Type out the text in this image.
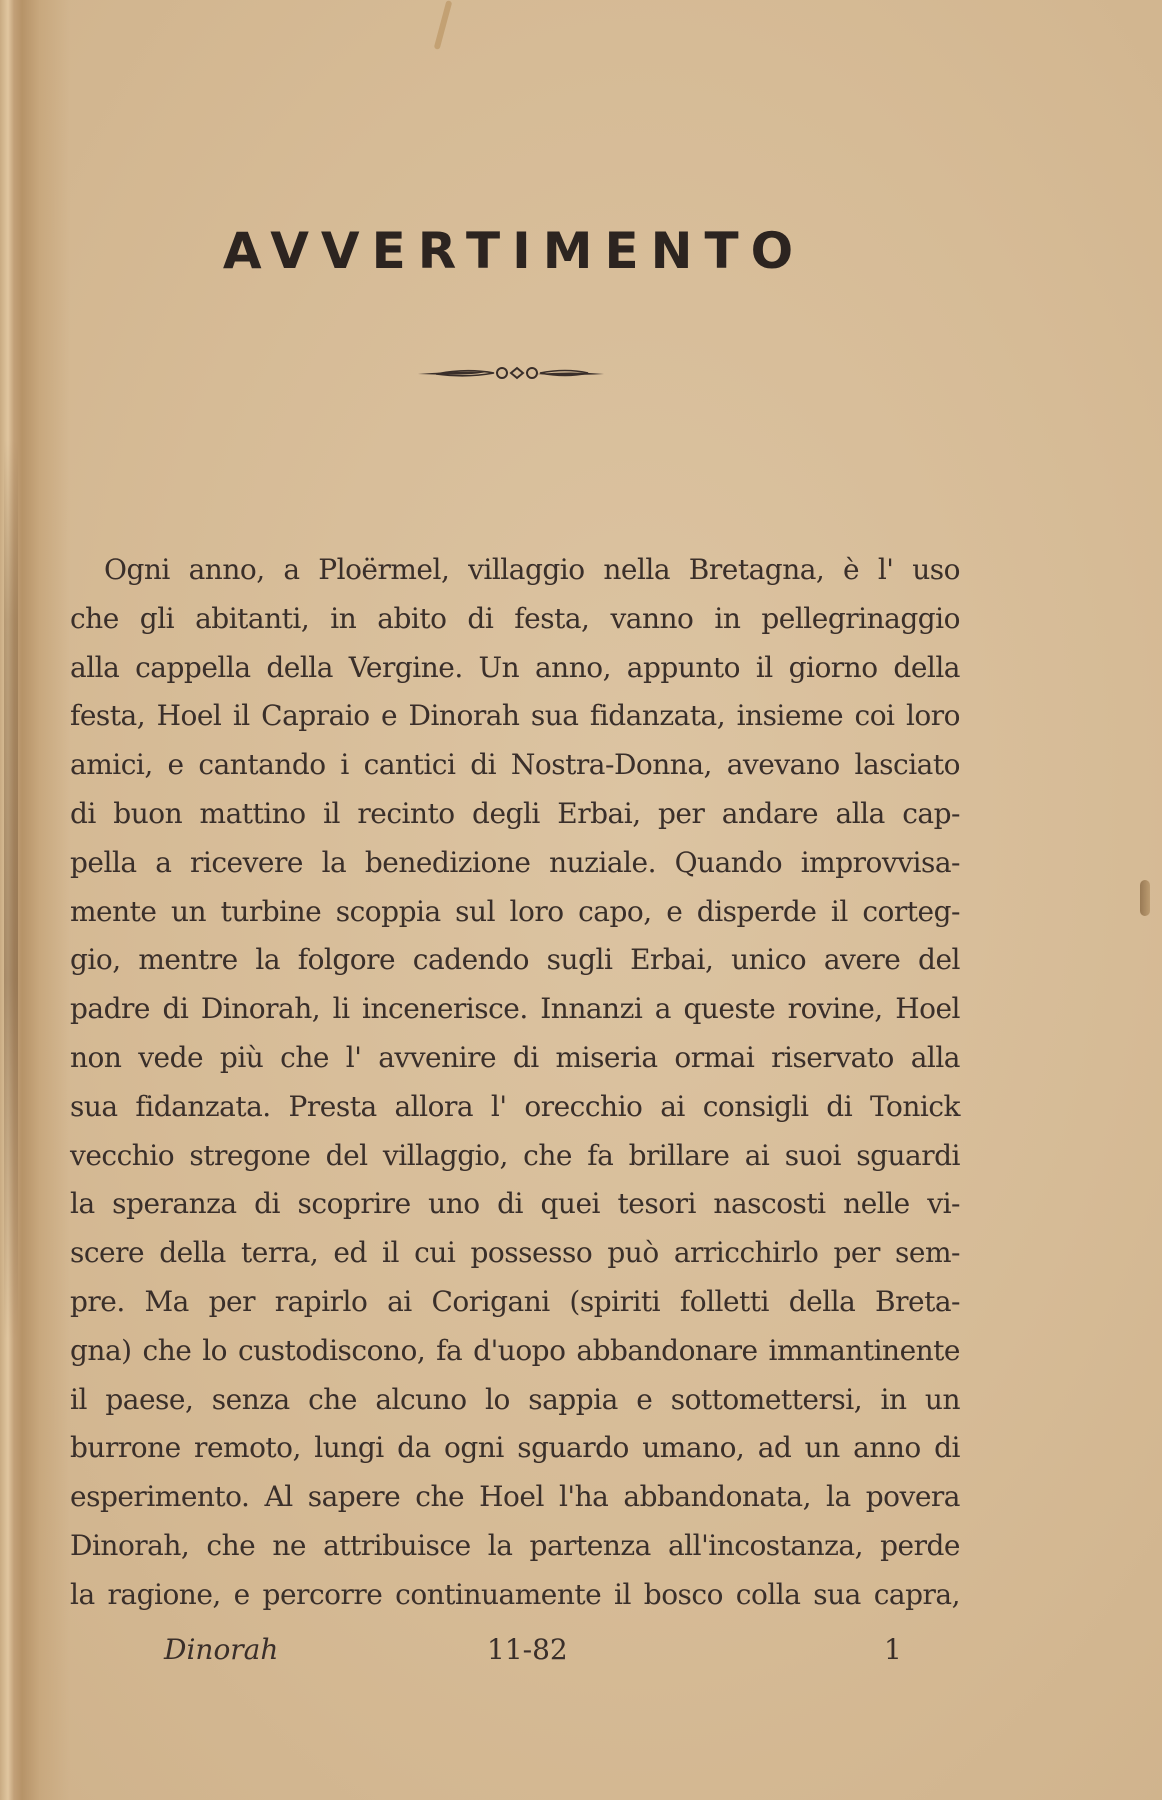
AVVERTIMENTO
Ogni anno, a Ploërmel, villaggio nella Bretagna, è l' uso
che gli abitanti, in abito di festa, vanno in pellegrinaggio
alla cappella della Vergine. Un anno, appunto il giorno della
festa, Hoel il Capraio e Dinorah sua fidanzata, insieme coi loro
amici, e cantando i cantici di Nostra-Donna, avevano lasciato
di buon mattino il recinto degli Erbai, per andare alla cap-
pella a ricevere la benedizione nuziale. Quando improvvisa-
mente un turbine scoppia sul loro capo, e disperde il corteg-
gio, mentre la folgore cadendo sugli Erbai, unico avere del
padre di Dinorah, li incenerisce. Innanzi a queste rovine, Hoel
non vede più che l' avvenire di miseria ormai riservato alla
sua fidanzata. Presta allora l' orecchio ai consigli di Tonick
vecchio stregone del villaggio, che fa brillare ai suoi sguardi
la speranza di scoprire uno di quei tesori nascosti nelle vi-
scere della terra, ed il cui possesso può arricchirlo per sem-
pre. Ma per rapirlo ai Corigani (spiriti folletti della Breta-
gna) che lo custodiscono, fa d'uopo abbandonare immantinente
il paese, senza che alcuno lo sappia e sottomettersi, in un
burrone remoto, lungi da ogni sguardo umano, ad un anno di
esperimento. Al sapere che Hoel l'ha abbandonata, la povera
Dinorah, che ne attribuisce la partenza all'incostanza, perde
la ragione, e percorre continuamente il bosco colla sua capra,
Dinorah	11-82	1
